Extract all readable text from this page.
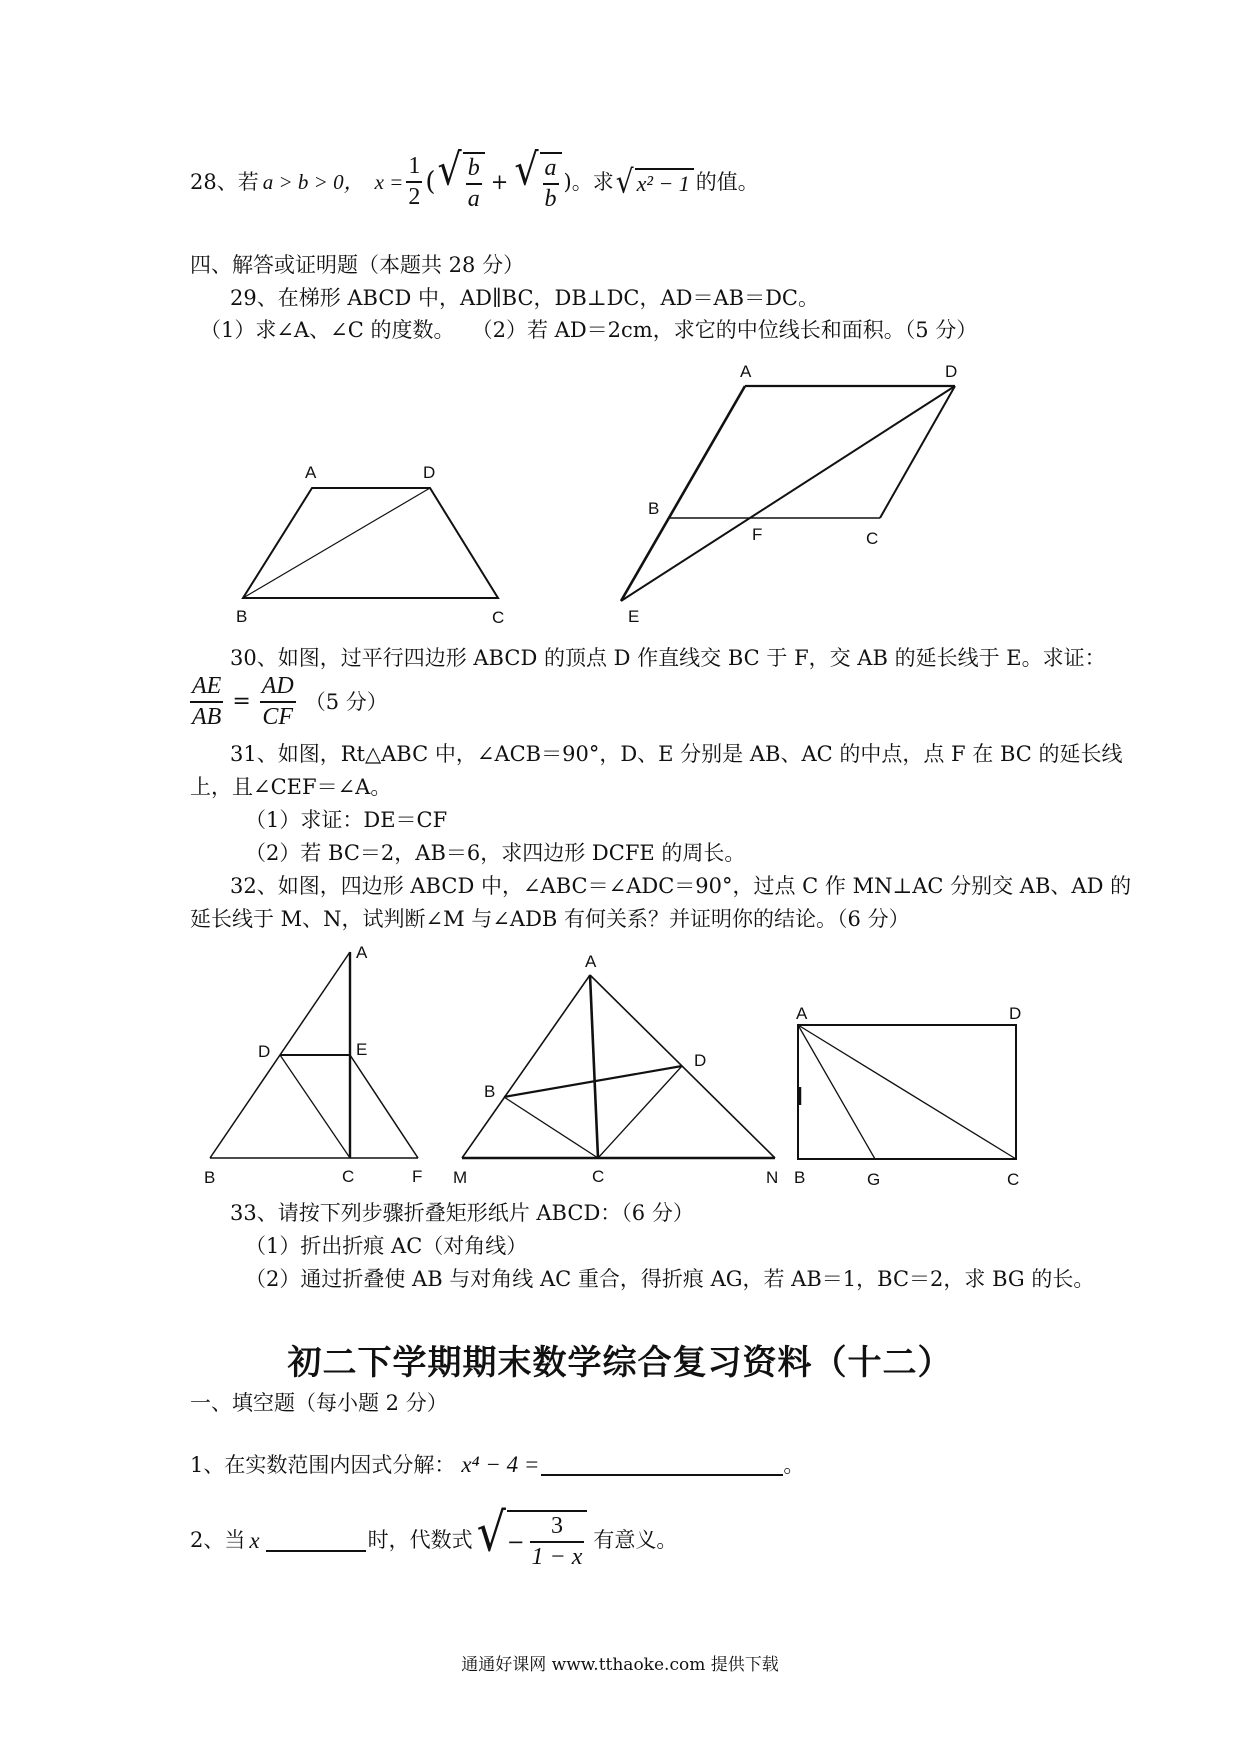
28、若 a > b > 0， $x = \frac{1}{2}$ ( √ $\frac{b}{a}$ + √ $\frac{a}{b}$ )。求 √ x² − 1 的值。
四、解答或证明题（本题共 28 分）
29、在梯形 ABCD 中，AD∥BC，DB⊥DC，AD＝AB＝DC。
（1）求∠A、∠C 的度数。　 （2）若 AD＝2cm，求它的中位线长和面积。（5 分）
A	D
B	C
A	D
B
F	C
E
30、如图，过平行四边形 ABCD 的顶点 D 作直线交 BC 于 F，交 AB 的延长线于 E。求证：
$\frac{AE}{AB} = \frac{AD}{CF} (5$ 分）
31、如图，Rt△ABC 中，∠ACB＝90°，D、E 分别是 AB、AC 的中点，点 F 在 BC 的延长线
上，且∠CEF＝∠A。
（1）求证：DE＝CF
（2）若 BC＝2，AB＝6，求四边形 DCFE 的周长。
32、如图，四边形 ABCD 中，∠ABC＝∠ADC＝90°，过点 C 作 MN⊥AC 分别交 AB、AD 的
延长线于 M、N，试判断∠M 与∠ADB 有何关系？并证明你的结论。（6 分）
A
D	E
B	C	F
A
D
B
M	C	N
A	D
B	G	C
33、请按下列步骤折叠矩形纸片 ABCD：（6 分）
（1）折出折痕 AC（对角线）
（2）通过折叠使 AB 与对角线 AC 重合，得折痕 AG，若 AB＝1，BC＝2，求 BG 的长。
初二下学期期末数学综合复习资料（十二）
一、填空题（每小题 2 分）
1、在实数范围内因式分解： x⁴ − 4 =	。
2、当 x	时，代数式 √ − $\frac{3}{1 - x}$ 有意义。
通通好课网 www.tthaoke.com 提供下载
